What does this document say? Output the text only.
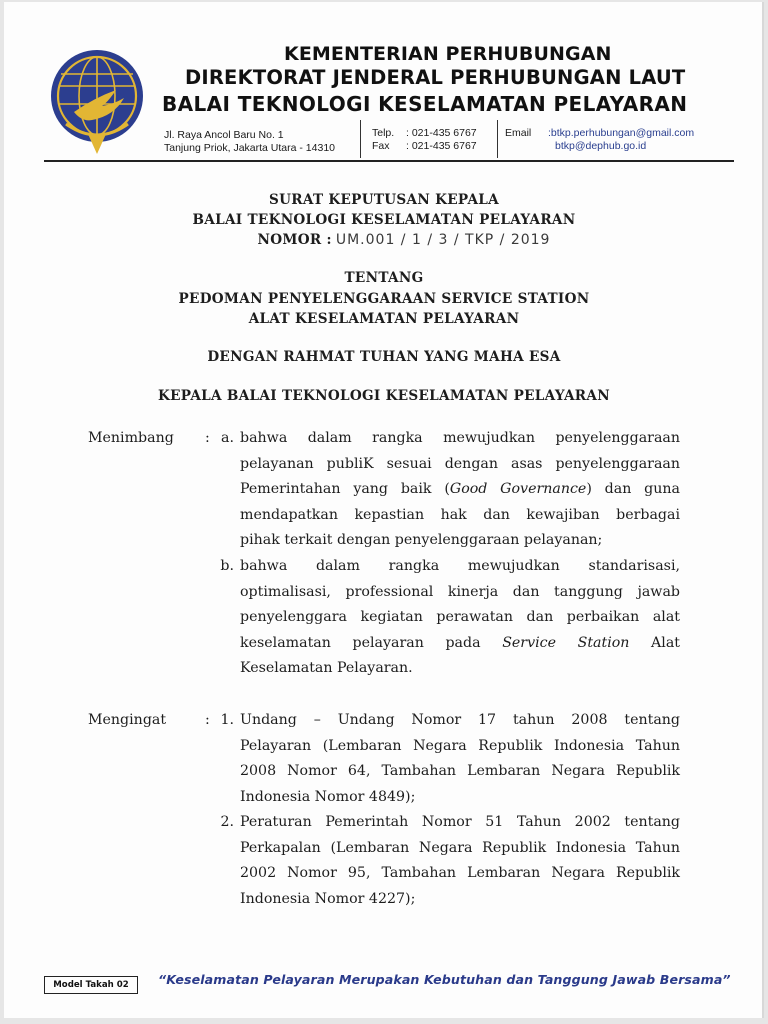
KEMENTERIAN PERHUBUNGAN
DIREKTORAT JENDERAL PERHUBUNGAN LAUT
BALAI TEKNOLOGI KESELAMATAN PELAYARAN
Jl. Raya Ancol Baru No. 1
Tanjung Priok, Jakarta Utara - 14310
Telp. : 021-435 6767
Fax : 021-435 6767
Email :btkp.perhubungan@gmail.com
btkp@dephub.go.id
SURAT KEPUTUSAN KEPALA
BALAI TEKNOLOGI KESELAMATAN PELAYARAN
NOMOR : UM.001 / 1 / 3 / TKP / 2019
TENTANG
PEDOMAN PENYELENGGARAAN SERVICE STATION
ALAT KESELAMATAN PELAYARAN
DENGAN RAHMAT TUHAN YANG MAHA ESA
KEPALA BALAI TEKNOLOGI KESELAMATAN PELAYARAN
Menimbang : a. bahwa dalam rangka mewujudkan penyelenggaraan
pelayanan publiK sesuai dengan asas penyelenggaraan
Pemerintahan yang baik (Good Governance) dan guna
mendapatkan kepastian hak dan kewajiban berbagai
pihak terkait dengan penyelenggaraan pelayanan;
b. bahwa dalam rangka mewujudkan standarisasi,
optimalisasi, professional kinerja dan tanggung jawab
penyelenggara kegiatan perawatan dan perbaikan alat
keselamatan pelayaran pada Service Station Alat
Keselamatan Pelayaran.
Mengingat	: 1. Undang – Undang Nomor 17 tahun 2008 tentang
Pelayaran (Lembaran Negara Republik Indonesia Tahun
2008 Nomor 64, Tambahan Lembaran Negara Republik
Indonesia Nomor 4849);
2. Peraturan Pemerintah Nomor 51 Tahun 2002 tentang
Perkapalan (Lembaran Negara Republik Indonesia Tahun
2002 Nomor 95, Tambahan Lembaran Negara Republik
Indonesia Nomor 4227);
Model Takah 02	“Keselamatan Pelayaran Merupakan Kebutuhan dan Tanggung Jawab Bersama”
